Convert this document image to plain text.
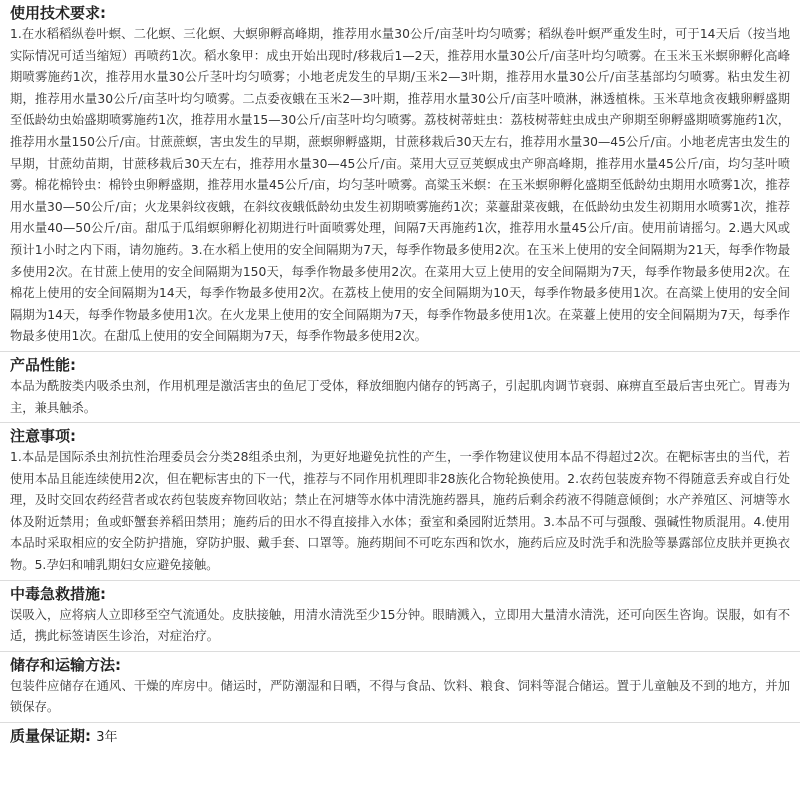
使用技术要求:
1.在水稻稻纵卷叶螟、二化螟、三化螟、大螟卵孵高峰期，推荐用水量30公斤/亩茎叶均匀喷雾；稻纵卷叶螟严重发生时，可于14天后（按当地实际情况可适当缩短）再喷药1次。稻水象甲：成虫开始出现时/移栽后1—2天，推荐用水量30公斤/亩茎叶均匀喷雾。在玉米玉米螟卵孵化高峰期喷雾施药1次，推荐用水量30公斤茎叶均匀喷雾；小地老虎发生的早期/玉米2—3叶期，推荐用水量30公斤/亩茎基部均匀喷雾。粘虫发生初期，推荐用水量30公斤/亩茎叶均匀喷雾。二点委夜蛾在玉米2—3叶期，推荐用水量30公斤/亩茎叶喷淋，淋透植株。玉米草地贪夜蛾卵孵盛期至低龄幼虫始盛期喷雾施药1次，推荐用水量15—30公斤/亩茎叶均匀喷雾。荔枝树蒂蛀虫：荔枝树蒂蛀虫成虫产卵期至卵孵盛期喷雾施药1次，推荐用水量150公斤/亩。甘蔗蔗螟，害虫发生的早期，蔗螟卵孵盛期，甘蔗移栽后30天左右，推荐用水量30—45公斤/亩。小地老虎害虫发生的早期，甘蔗幼苗期，甘蔗移栽后30天左右，推荐用水量30—45公斤/亩。菜用大豆豆荚螟成虫产卵高峰期，推荐用水量45公斤/亩，均匀茎叶喷雾。棉花棉铃虫：棉铃虫卵孵盛期，推荐用水量45公斤/亩，均匀茎叶喷雾。高粱玉米螟：在玉米螟卵孵化盛期至低龄幼虫期用水喷雾1次，推荐用水量30—50公斤/亩；火龙果斜纹夜蛾，在斜纹夜蛾低龄幼虫发生初期喷雾施药1次；菜薹甜菜夜蛾，在低龄幼虫发生初期用水喷雾1次，推荐用水量40—50公斤/亩。甜瓜于瓜绢螟卵孵化初期进行叶面喷雾处理，间隔7天再施药1次，推荐用水量45公斤/亩。使用前请摇匀。2.遇大风或预计1小时之内下雨，请勿施药。3.在水稻上使用的安全间隔期为7天，每季作物最多使用2次。在玉米上使用的安全间隔期为21天，每季作物最多使用2次。在甘蔗上使用的安全间隔期为150天，每季作物最多使用2次。在菜用大豆上使用的安全间隔期为7天，每季作物最多使用2次。在棉花上使用的安全间隔期为14天，每季作物最多使用2次。在荔枝上使用的安全间隔期为10天，每季作物最多使用1次。在高粱上使用的安全间隔期为14天，每季作物最多使用1次。在火龙果上使用的安全间隔期为7天，每季作物最多使用1次。在菜薹上使用的安全间隔期为7天，每季作物最多使用1次。在甜瓜上使用的安全间隔期为7天，每季作物最多使用2次。
产品性能:
本品为酰胺类内吸杀虫剂，作用机理是激活害虫的鱼尼丁受体，释放细胞内储存的钙离子，引起肌肉调节衰弱、麻痹直至最后害虫死亡。胃毒为主，兼具触杀。
注意事项:
1.本品是国际杀虫剂抗性治理委员会分类28组杀虫剂，为更好地避免抗性的产生，一季作物建议使用本品不得超过2次。在靶标害虫的当代，若使用本品且能连续使用2次，但在靶标害虫的下一代，推荐与不同作用机理即非28族化合物轮换使用。2.农药包装废弃物不得随意丢弃或自行处理，及时交回农药经营者或农药包装废弃物回收站；禁止在河塘等水体中清洗施药器具，施药后剩余药液不得随意倾倒；水产养殖区、河塘等水体及附近禁用；鱼或虾蟹套养稻田禁用；施药后的田水不得直接排入水体；蚕室和桑园附近禁用。3.本品不可与强酸、强碱性物质混用。4.使用本品时采取相应的安全防护措施，穿防护服、戴手套、口罩等。施药期间不可吃东西和饮水，施药后应及时洗手和洗脸等暴露部位皮肤并更换衣物。5.孕妇和哺乳期妇女应避免接触。
中毒急救措施:
误吸入，应将病人立即移至空气流通处。皮肤接触，用清水清洗至少15分钟。眼睛溅入，立即用大量清水清洗，还可向医生咨询。误服，如有不适，携此标签请医生诊治，对症治疗。
储存和运输方法:
包装件应储存在通风、干燥的库房中。储运时，严防潮湿和日晒，不得与食品、饮料、粮食、饲料等混合储运。置于儿童触及不到的地方，并加锁保存。
质量保证期: 3年
